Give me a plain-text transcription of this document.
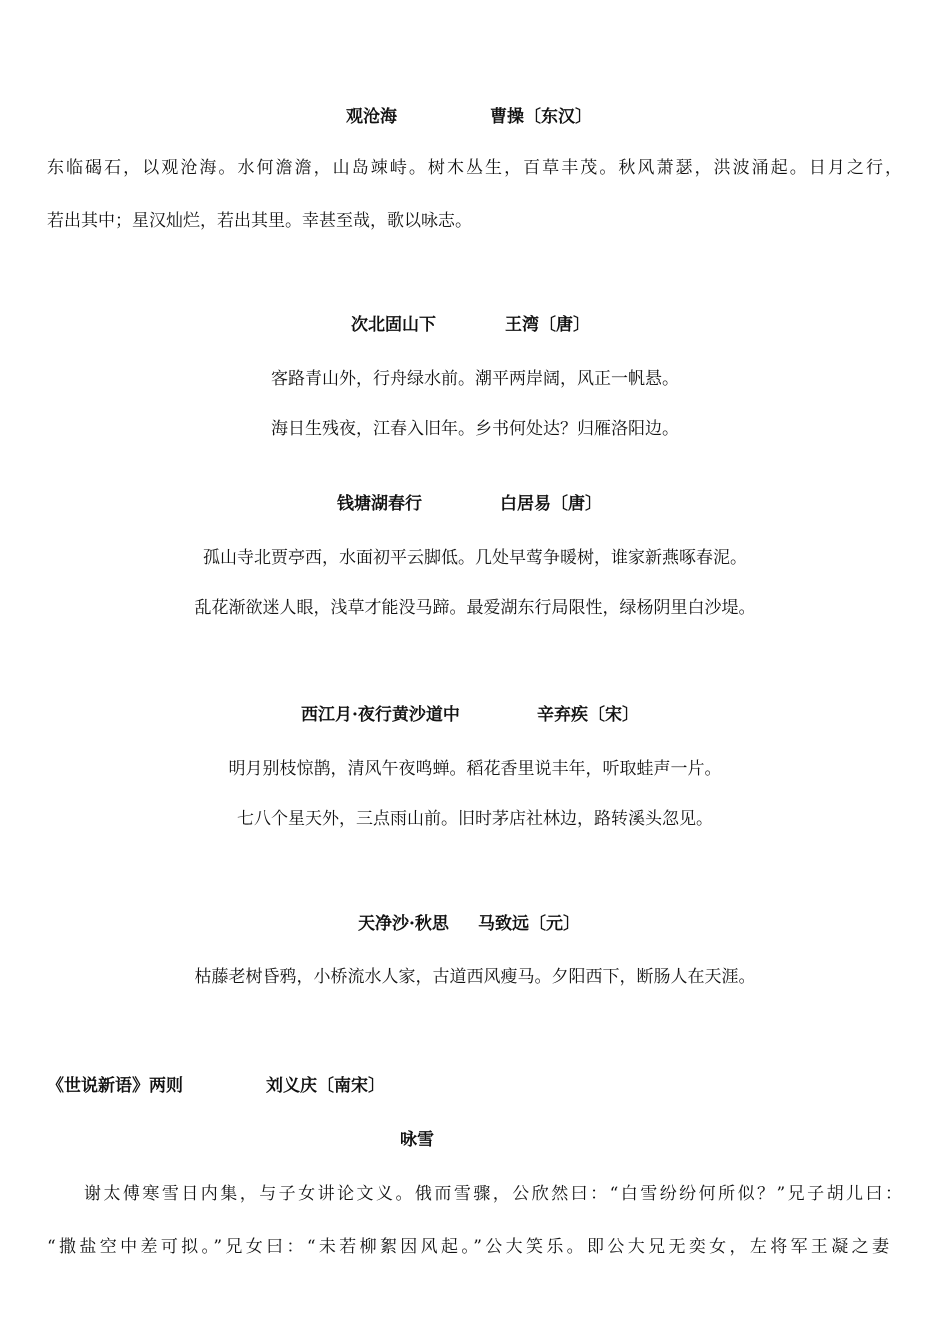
观沧海	曹操〔东汉〕
东临碣石，以观沧海。水何澹澹，山岛竦峙。树木丛生，百草丰茂。秋风萧瑟，洪波涌起。日月之行，
若出其中；星汉灿烂，若出其里。幸甚至哉，歌以咏志。
次北固山下	王湾〔唐〕
客路青山外，行舟绿水前。潮平两岸阔，风正一帆悬。
海日生残夜，江春入旧年。乡书何处达？归雁洛阳边。
钱塘湖春行	白居易〔唐〕
孤山寺北贾亭西，水面初平云脚低。几处早莺争暖树，谁家新燕啄春泥。
乱花渐欲迷人眼，浅草才能没马蹄。最爱湖东行局限性，绿杨阴里白沙堤。
西江月·夜行黄沙道中	辛弃疾〔宋〕
明月别枝惊鹊，清风午夜鸣蝉。稻花香里说丰年，听取蛙声一片。
七八个星天外，三点雨山前。旧时茅店社林边，路转溪头忽见。
天净沙·秋思 马致远〔元〕
枯藤老树昏鸦，小桥流水人家，古道西风瘦马。夕阳西下，断肠人在天涯。
《世说新语》两则	刘义庆〔南宋〕
咏雪
谢太傅寒雪日内集，与子女讲论文义。俄而雪骤，公欣然曰：“白雪纷纷何所似？”兄子胡儿曰：
“撒盐空中差可拟。”兄女曰：“未若柳絮因风起。”公大笑乐。即公大兄无奕女，左将军王凝之妻
